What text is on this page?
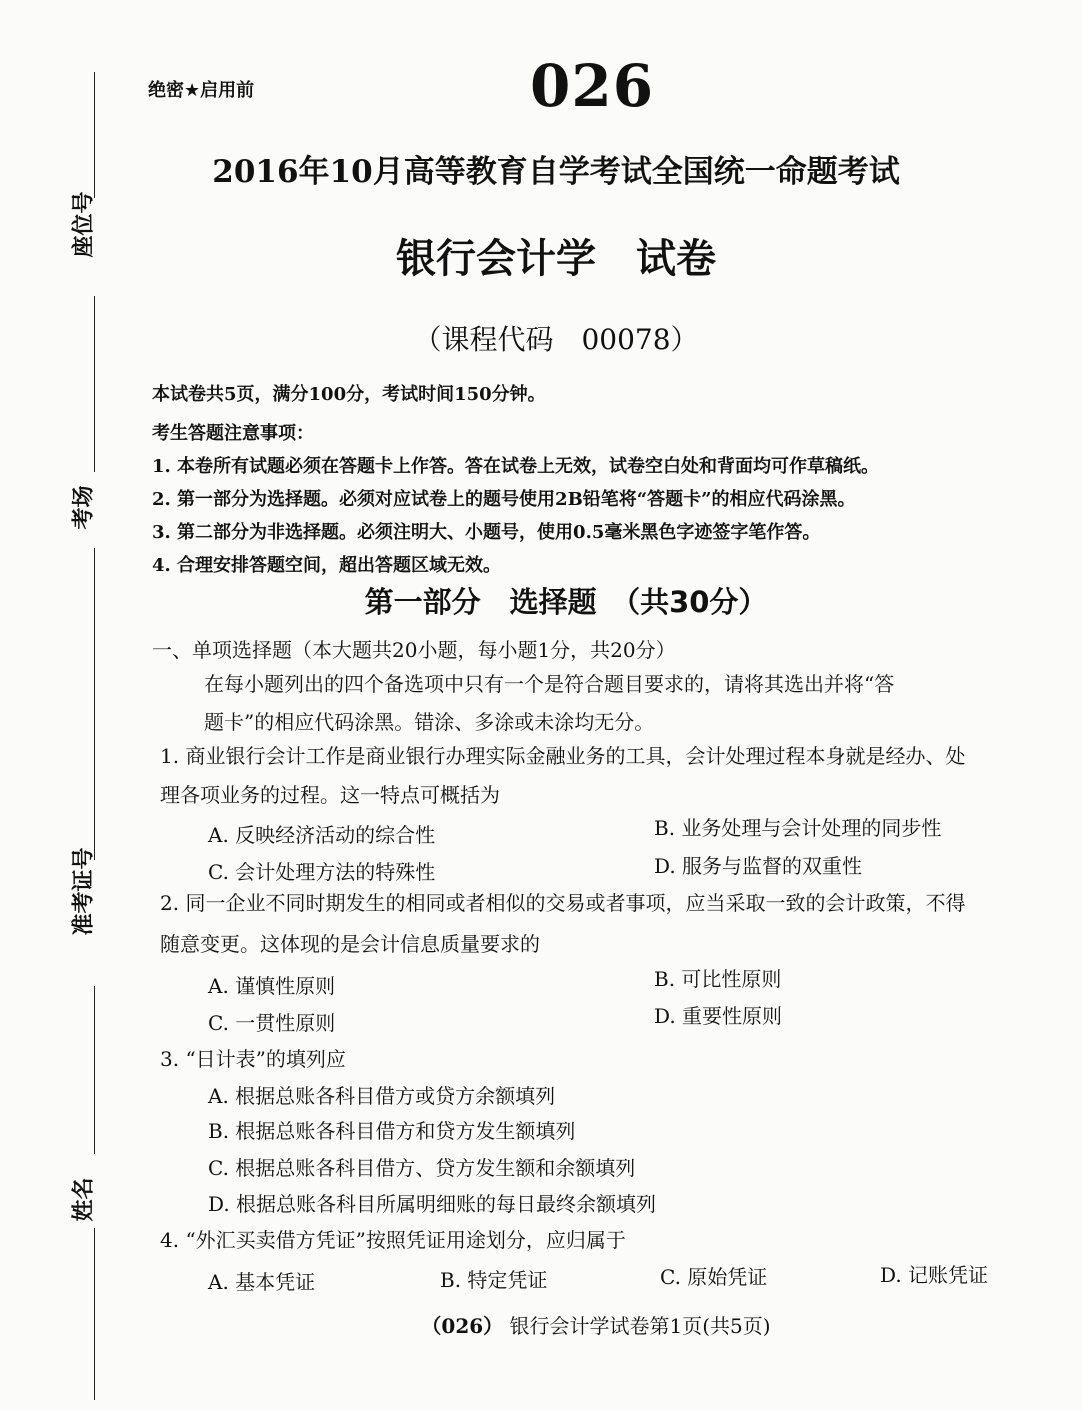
座位号
考场
准考证号
姓名
绝密★启用前	026
2016年10月高等教育自学考试全国统一命题考试
银行会计学　试卷
（课程代码　00078）
本试卷共5页，满分100分，考试时间150分钟。
考生答题注意事项：
1. 本卷所有试题必须在答题卡上作答。答在试卷上无效，试卷空白处和背面均可作草稿纸。
2. 第一部分为选择题。必须对应试卷上的题号使用2B铅笔将“答题卡”的相应代码涂黑。
3. 第二部分为非选择题。必须注明大、小题号，使用0.5毫米黑色字迹签字笔作答。
4. 合理安排答题空间，超出答题区域无效。
第一部分　选择题　（共30分）
一、单项选择题（本大题共20小题，每小题1分，共20分）
在每小题列出的四个备选项中只有一个是符合题目要求的，请将其选出并将“答
题卡”的相应代码涂黑。错涂、多涂或未涂均无分。
1. 商业银行会计工作是商业银行办理实际金融业务的工具，会计处理过程本身就是经办、处
理各项业务的过程。这一特点可概括为
A. 反映经济活动的综合性	B. 业务处理与会计处理的同步性
C. 会计处理方法的特殊性	D. 服务与监督的双重性
2. 同一企业不同时期发生的相同或者相似的交易或者事项，应当采取一致的会计政策，不得
随意变更。这体现的是会计信息质量要求的
A. 谨慎性原则	B. 可比性原则
C. 一贯性原则	D. 重要性原则
3. “日计表”的填列应
A. 根据总账各科目借方或贷方余额填列
B. 根据总账各科目借方和贷方发生额填列
C. 根据总账各科目借方、贷方发生额和余额填列
D. 根据总账各科目所属明细账的每日最终余额填列
4. “外汇买卖借方凭证”按照凭证用途划分，应归属于
A. 基本凭证	B. 特定凭证	C. 原始凭证	D. 记账凭证
（026） 银行会计学试卷第1页(共5页)
